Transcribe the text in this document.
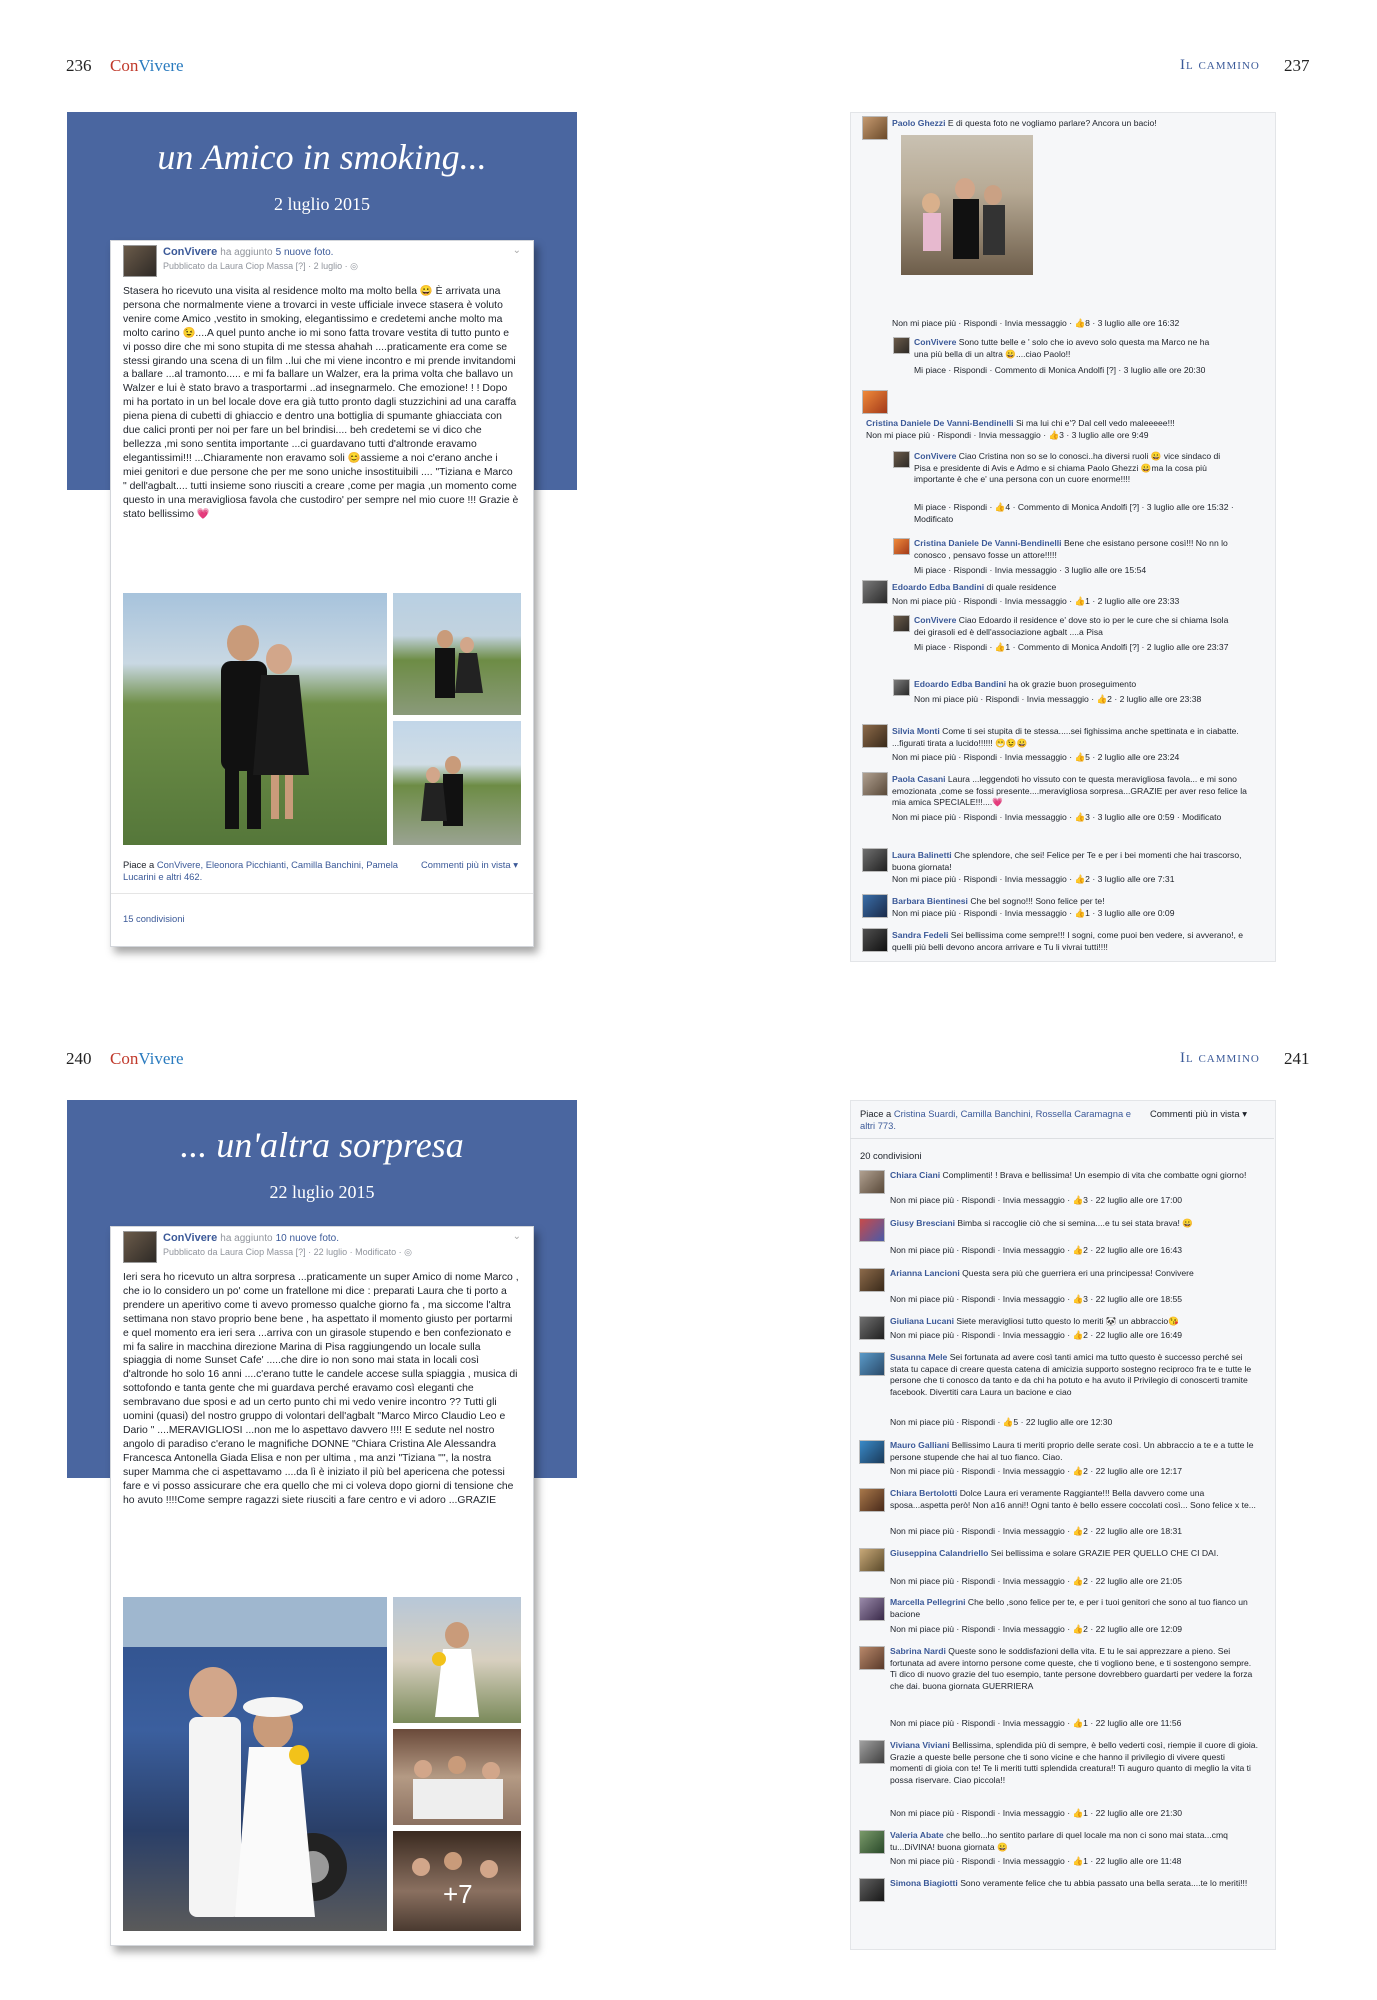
236 ConVivere	Il cammino 237
un Amico in smoking...
2 luglio 2015
ConVivere ha aggiunto 5 nuove foto.
Pubblicato da Laura Ciop Massa [?] · 2 luglio · ◎
⌄
Stasera ho ricevuto una visita al residence molto ma molto bella 😀 È arrivata una persona che normalmente viene a trovarci in veste ufficiale invece stasera è voluto venire come Amico ,vestito in smoking, elegantissimo e credetemi anche molto ma molto carino 😉....A quel punto anche io mi sono fatta trovare vestita di tutto punto e vi posso dire che mi sono stupita di me stessa ahahah ....praticamente era come se stessi girando una scena di un film ..lui che mi viene incontro e mi prende invitandomi a ballare ...al tramonto..... e mi fa ballare un Walzer, era la prima volta che ballavo un Walzer e lui è stato bravo a trasportarmi ..ad insegnarmelo. Che emozione! ! ! Dopo mi ha portato in un bel locale dove era già tutto pronto dagli stuzzichini ad una caraffa piena piena di cubetti di ghiaccio e dentro una bottiglia di spumante ghiacciata con due calici pronti per noi per fare un bel brindisi.... beh credetemi se vi dico che bellezza ,mi sono sentita importante ...ci guardavano tutti d'altronde eravamo elegantissimi!!! ...Chiaramente non eravamo soli 😊assieme a noi c'erano anche i miei genitori e due persone che per me sono uniche insostituibili .... "Tiziana e Marco " dell'agbalt.... tutti insieme sono riusciti a creare ,come per magia ,un momento come questo in una meravigliosa favola che custodiro' per sempre nel mio cuore !!! Grazie è stato bellissimo 💗
Piace a ConVivere, Eleonora Picchianti, Camilla Banchini, Pamela Lucarini e altri 462.
Commenti più in vista ▾
15 condivisioni
Paolo Ghezzi E di questa foto ne vogliamo parlare? Ancora un bacio!
Non mi piace più · Rispondi · Invia messaggio · 👍8 · 3 luglio alle ore 16:32
ConVivere Sono tutte belle e ' solo che io avevo solo questa ma Marco ne ha una più bella di un altra 😀....ciao Paolo!!
Mi piace · Rispondi · Commento di Monica Andolfi [?] · 3 luglio alle ore 20:30
Cristina Daniele De Vanni-Bendinelli Si ma lui chi e'? Dal cell vedo maleeeee!!!
Non mi piace più · Rispondi · Invia messaggio · 👍3 · 3 luglio alle ore 9:49
ConVivere Ciao Cristina non so se lo conosci..ha diversi ruoli 😀 vice sindaco di Pisa e presidente di Avis e Admo e si chiama Paolo Ghezzi 😀ma la cosa più importante è che e' una persona con un cuore enorme!!!!
Mi piace · Rispondi · 👍4 · Commento di Monica Andolfi [?] · 3 luglio alle ore 15:32 · Modificato
Cristina Daniele De Vanni-Bendinelli Bene che esistano persone così!!! No nn lo conosco , pensavo fosse un attore!!!!!
Mi piace · Rispondi · Invia messaggio · 3 luglio alle ore 15:54
Edoardo Edba Bandini di quale residence
Non mi piace più · Rispondi · Invia messaggio · 👍1 · 2 luglio alle ore 23:33
ConVivere Ciao Edoardo il residence e' dove sto io per le cure che si chiama Isola dei girasoli ed è dell'associazione agbalt ....a Pisa
Mi piace · Rispondi · 👍1 · Commento di Monica Andolfi [?] · 2 luglio alle ore 23:37
Edoardo Edba Bandini ha ok grazie buon proseguimento
Non mi piace più · Rispondi · Invia messaggio · 👍2 · 2 luglio alle ore 23:38
Silvia Monti Come ti sei stupita di te stessa.....sei fighissima anche spettinata e in ciabatte. ...figurati tirata a lucido!!!!!! 😁😉😀
Non mi piace più · Rispondi · Invia messaggio · 👍5 · 2 luglio alle ore 23:24
Paola Casani Laura ...leggendoti ho vissuto con te questa meravigliosa favola... e mi sono emozionata ,come se fossi presente....meravigliosa sorpresa...GRAZIE per aver reso felice la mia amica SPECIALE!!!....💗
Non mi piace più · Rispondi · Invia messaggio · 👍3 · 3 luglio alle ore 0:59 · Modificato
Laura Balinetti Che splendore, che sei! Felice per Te e per i bei momenti che hai trascorso, buona giornata!
Non mi piace più · Rispondi · Invia messaggio · 👍2 · 3 luglio alle ore 7:31
Barbara Bientinesi Che bel sogno!!! Sono felice per te!
Non mi piace più · Rispondi · Invia messaggio · 👍1 · 3 luglio alle ore 0:09
Sandra Fedeli Sei bellissima come sempre!!! I sogni, come puoi ben vedere, si avverano!, e quelli più belli devono ancora arrivare e Tu li vivrai tutti!!!!
240 ConVivere	Il cammino 241
... un'altra sorpresa
22 luglio 2015
ConVivere ha aggiunto 10 nuove foto.
Pubblicato da Laura Ciop Massa [?] · 22 luglio · Modificato · ◎
⌄
Ieri sera ho ricevuto un altra sorpresa ...praticamente un super Amico di nome Marco , che io lo considero un po' come un fratellone mi dice : preparati Laura che ti porto a prendere un aperitivo come ti avevo promesso qualche giorno fa , ma siccome l'altra settimana non stavo proprio bene bene , ha aspettato il momento giusto per portarmi e quel momento era ieri sera ...arriva con un girasole stupendo e ben confezionato e mi fa salire in macchina direzione Marina di Pisa raggiungendo un locale sulla spiaggia di nome Sunset Cafe' .....che dire io non sono mai stata in locali così d'altronde ho solo 16 anni ....c'erano tutte le candele accese sulla spiaggia , musica di sottofondo e tanta gente che mi guardava perché eravamo così eleganti che sembravano due sposi e ad un certo punto chi mi vedo venire incontro ?? Tutti gli uomini (quasi) del nostro gruppo di volontari dell'agbalt "Marco Mirco Claudio Leo e Dario " ....MERAVIGLIOSI ...non me lo aspettavo davvero !!!! E sedute nel nostro angolo di paradiso c'erano le magnifiche DONNE "Chiara Cristina Ale Alessandra Francesca Antonella Giada Elisa e non per ultima , ma anzi "Tiziana "", la nostra super Mamma che ci aspettavamo ....da lì è iniziato il più bel apericena che potessi fare e vi posso assicurare che era quello che mi ci voleva dopo giorni di tensione che ho avuto !!!!Come sempre ragazzi siete riusciti a fare centro e vi adoro ...GRAZIE
+7
Piace a Cristina Suardi, Camilla Banchini, Rossella Caramagna e altri 773.
Commenti più in vista ▾
20 condivisioni
Chiara Ciani Complimenti! ! Brava e bellissima! Un esempio di vita che combatte ogni giorno!
Non mi piace più · Rispondi · Invia messaggio · 👍3 · 22 luglio alle ore 17:00
Giusy Bresciani Bimba si raccoglie ciò che si semina....e tu sei stata brava! 😀
Non mi piace più · Rispondi · Invia messaggio · 👍2 · 22 luglio alle ore 16:43
Arianna Lancioni Questa sera più che guerriera eri una principessa! Convivere
Non mi piace più · Rispondi · Invia messaggio · 👍3 · 22 luglio alle ore 18:55
Giuliana Lucani Siete meravigliosi tutto questo lo meriti 🐼 un abbraccio😘
Non mi piace più · Rispondi · Invia messaggio · 👍2 · 22 luglio alle ore 16:49
Susanna Mele Sei fortunata ad avere così tanti amici ma tutto questo è successo perché sei stata tu capace di creare questa catena di amicizia supporto sostegno reciproco fra te e tutte le persone che ti conosco da tanto e da chi ha potuto e ha avuto il Privilegio di conoscerti tramite facebook. Divertiti cara Laura un bacione e ciao
Non mi piace più · Rispondi · 👍5 · 22 luglio alle ore 12:30
Mauro Galliani Bellissimo Laura ti meriti proprio delle serate così. Un abbraccio a te e a tutte le persone stupende che hai al tuo fianco. Ciao.
Non mi piace più · Rispondi · Invia messaggio · 👍2 · 22 luglio alle ore 12:17
Chiara Bertolotti Dolce Laura eri veramente Raggiante!!! Bella davvero come una sposa...aspetta però! Non a16 anni!! Ogni tanto è bello essere coccolati così... Sono felice x te...
Non mi piace più · Rispondi · Invia messaggio · 👍2 · 22 luglio alle ore 18:31
Giuseppina Calandriello Sei bellissima e solare GRAZIE PER QUELLO CHE CI DAI.
Non mi piace più · Rispondi · Invia messaggio · 👍2 · 22 luglio alle ore 21:05
Marcella Pellegrini Che bello ,sono felice per te, e per i tuoi genitori che sono al tuo fianco un bacione
Non mi piace più · Rispondi · Invia messaggio · 👍2 · 22 luglio alle ore 12:09
Sabrina Nardi Queste sono le soddisfazioni della vita. E tu le sai apprezzare a pieno. Sei fortunata ad avere intorno persone come queste, che ti vogliono bene, e ti sostengono sempre. Ti dico di nuovo grazie del tuo esempio, tante persone dovrebbero guardarti per vedere la forza che dai. buona giornata GUERRIERA
Non mi piace più · Rispondi · Invia messaggio · 👍1 · 22 luglio alle ore 11:56
Viviana Viviani Bellissima, splendida più di sempre, è bello vederti così, riempie il cuore di gioia. Grazie a queste belle persone che ti sono vicine e che hanno il privilegio di vivere questi momenti di gioia con te! Te li meriti tutti splendida creatura!! Ti auguro quanto di meglio la vita ti possa riservare. Ciao piccola!!
Non mi piace più · Rispondi · Invia messaggio · 👍1 · 22 luglio alle ore 21:30
Valeria Abate che bello...ho sentito parlare di quel locale ma non ci sono mai stata...cmq tu...DiVINA! buona giornata 😀
Non mi piace più · Rispondi · Invia messaggio · 👍1 · 22 luglio alle ore 11:48
Simona Biagiotti Sono veramente felice che tu abbia passato una bella serata....te lo meriti!!!
